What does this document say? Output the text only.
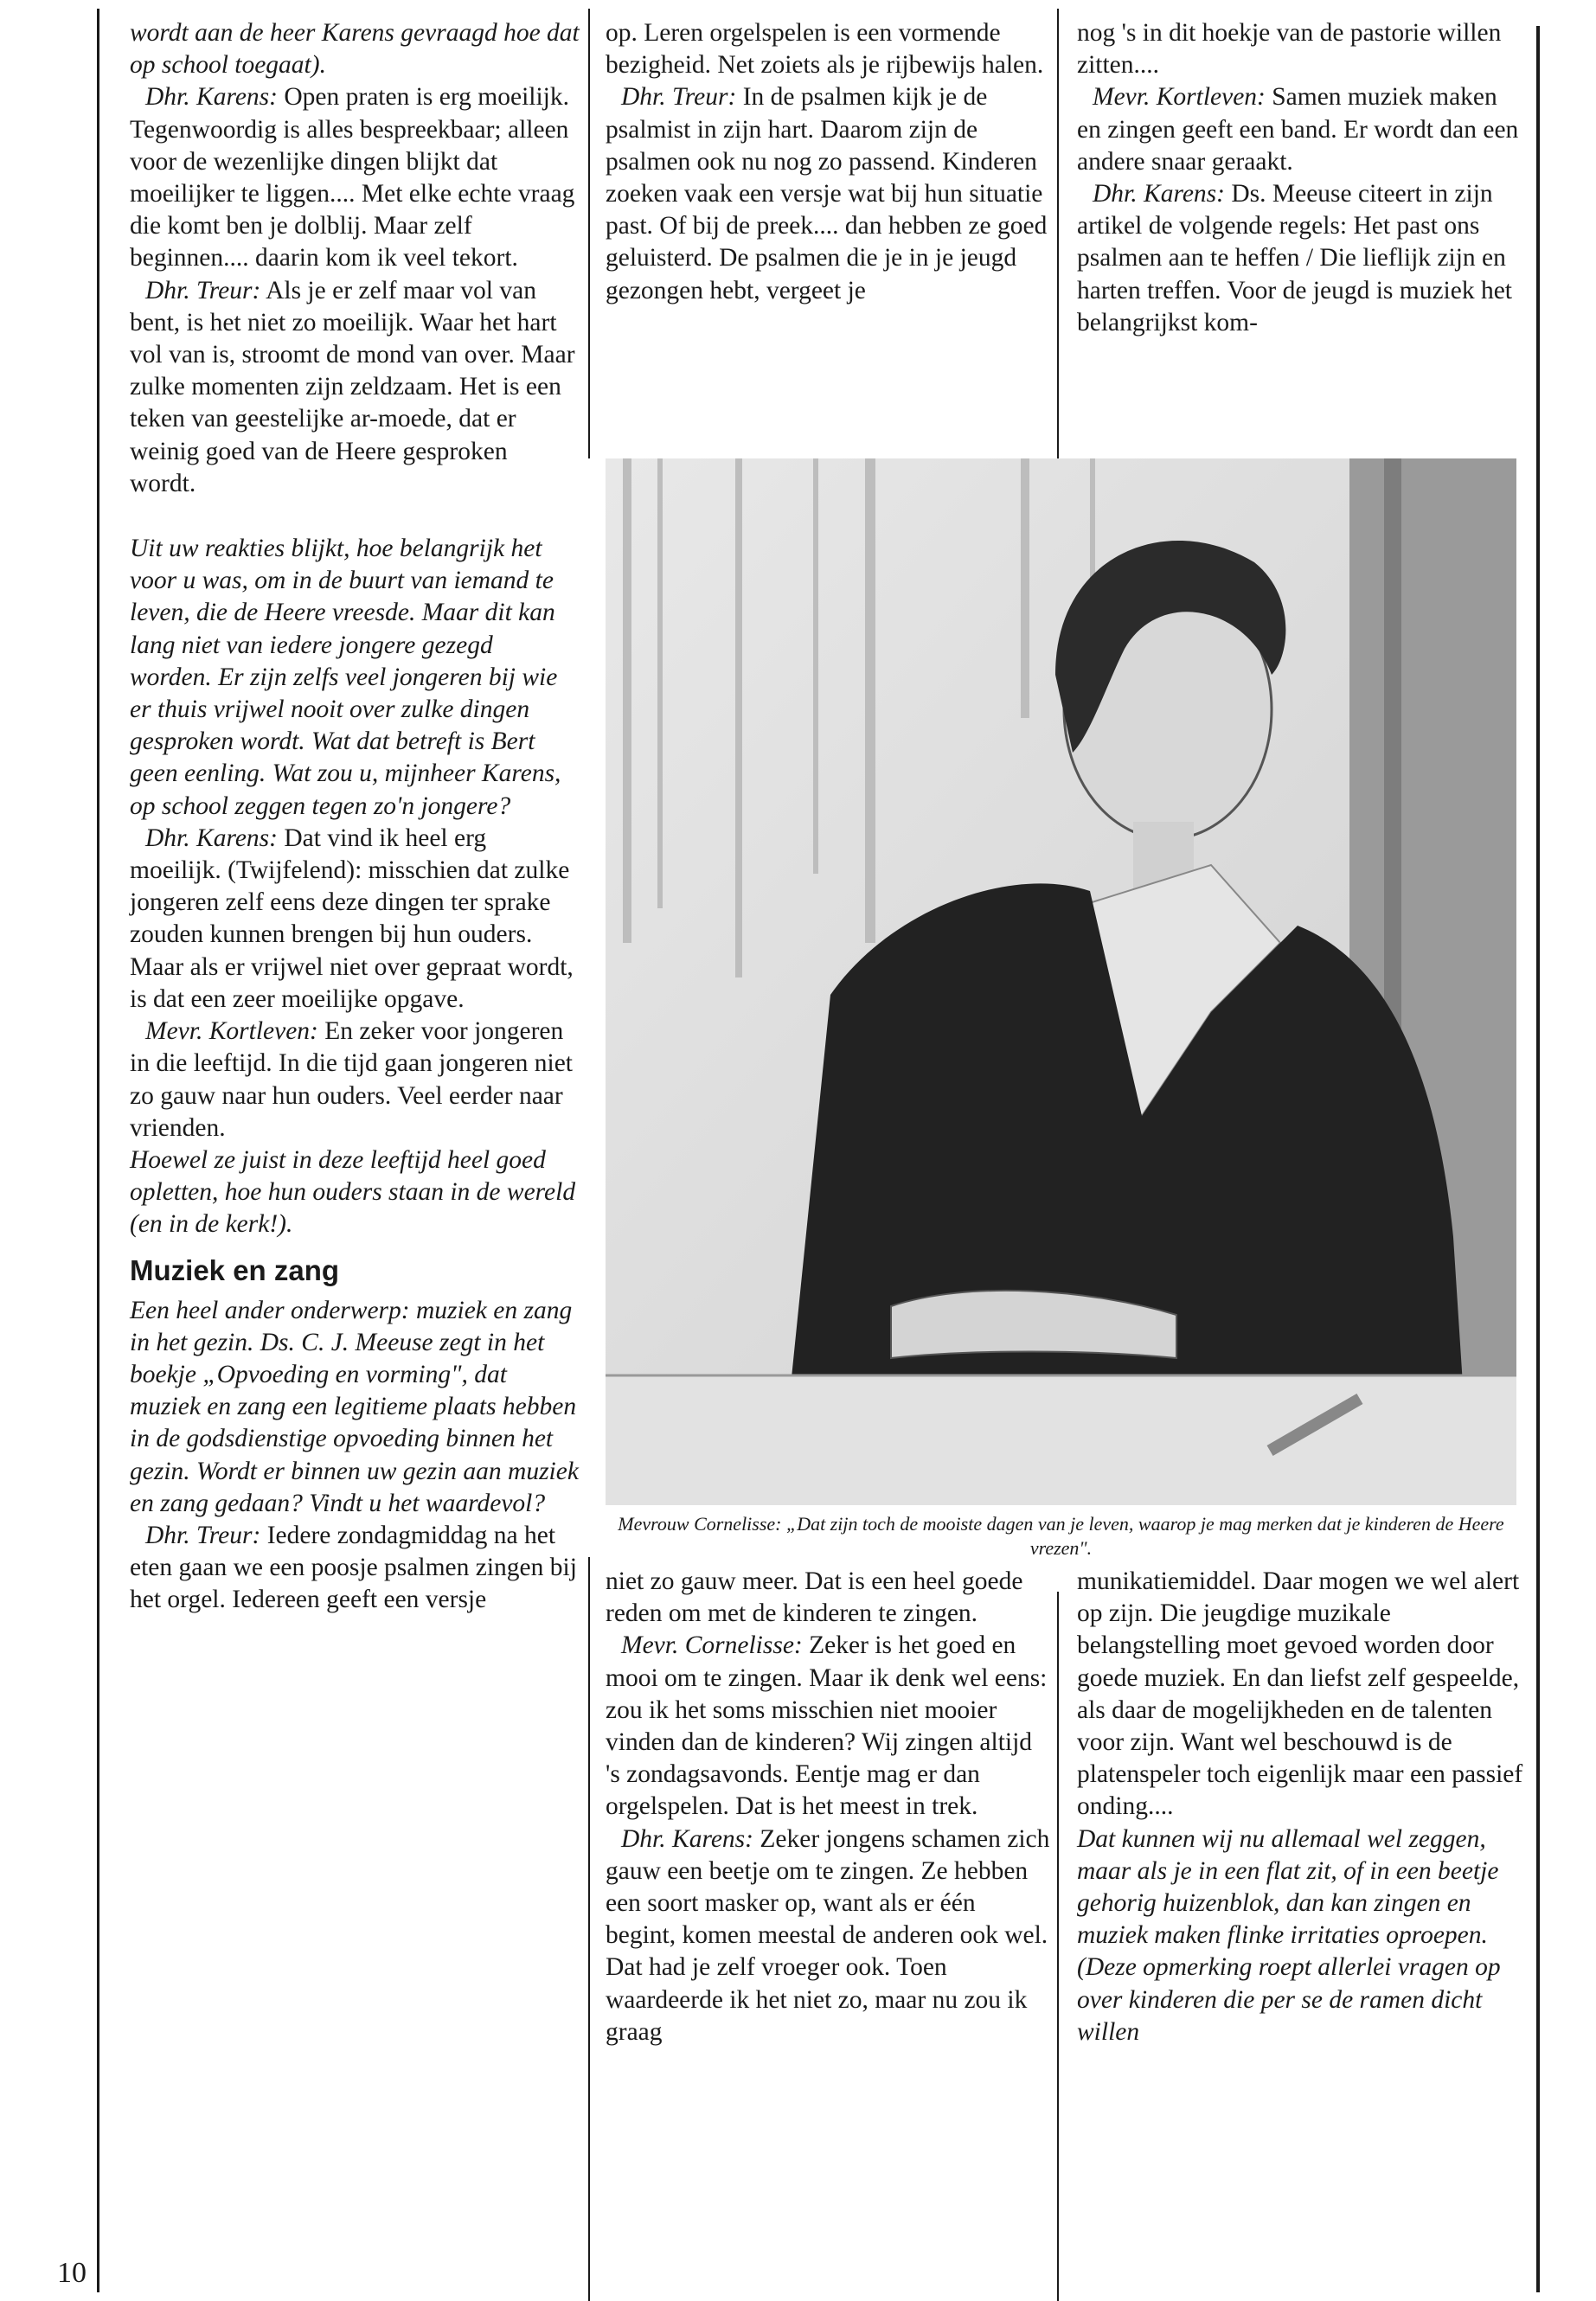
10

wordt aan de heer Karens gevraagd hoe dat op school toegaat).

Dhr. Karens: Open praten is erg moeilijk. Tegenwoordig is alles bespreekbaar; alleen voor de wezenlijke dingen blijkt dat moeilijker te liggen.... Met elke echte vraag die komt ben je dolblij. Maar zelf beginnen.... daarin kom ik veel tekort.

Dhr. Treur: Als je er zelf maar vol van bent, is het niet zo moeilijk. Waar het hart vol van is, stroomt de mond van over. Maar zulke momenten zijn zeldzaam. Het is een teken van geestelijke ar-moede, dat er weinig goed van de Heere gesproken wordt.

Uit uw reakties blijkt, hoe belangrijk het voor u was, om in de buurt van iemand te leven, die de Heere vreesde. Maar dit kan lang niet van iedere jongere gezegd worden. Er zijn zelfs veel jongeren bij wie er thuis vrijwel nooit over zulke dingen gesproken wordt. Wat dat betreft is Bert geen eenling. Wat zou u, mijnheer Karens, op school zeggen tegen zo'n jongere?

Dhr. Karens: Dat vind ik heel erg moeilijk. (Twijfelend): misschien dat zulke jongeren zelf eens deze dingen ter sprake zouden kunnen brengen bij hun ouders. Maar als er vrijwel niet over gepraat wordt, is dat een zeer moeilijke opgave.

Mevr. Kortleven: En zeker voor jongeren in die leeftijd. In die tijd gaan jongeren niet zo gauw naar hun ouders. Veel eerder naar vrienden.

Hoewel ze juist in deze leeftijd heel goed opletten, hoe hun ouders staan in de wereld (en in de kerk!).

Muziek en zang

Een heel ander onderwerp: muziek en zang in het gezin. Ds. C. J. Meeuse zegt in het boekje „Opvoeding en vorming", dat muziek en zang een legitieme plaats hebben in de godsdienstige opvoeding binnen het gezin. Wordt er binnen uw gezin aan muziek en zang gedaan? Vindt u het waardevol?

Dhr. Treur: Iedere zondagmiddag na het eten gaan we een poosje psalmen zingen bij het orgel. Iedereen geeft een versje

op. Leren orgelspelen is een vormende bezigheid. Net zoiets als je rijbewijs halen.

Dhr. Treur: In de psalmen kijk je de psalmist in zijn hart. Daarom zijn de psalmen ook nu nog zo passend. Kinderen zoeken vaak een versje wat bij hun situatie past. Of bij de preek.... dan hebben ze goed geluisterd. De psalmen die je in je jeugd gezongen hebt, vergeet je

nog 's in dit hoekje van de pastorie willen zitten....

Mevr. Kortleven: Samen muziek maken en zingen geeft een band. Er wordt dan een andere snaar geraakt.

Dhr. Karens: Ds. Meeuse citeert in zijn artikel de volgende regels: Het past ons psalmen aan te heffen / Die lieflijk zijn en harten treffen. Voor de jeugd is muziek het belangrijkst kom-

Mevrouw Cornelisse: „Dat zijn toch de mooiste dagen van je leven, waarop je mag merken dat je kinderen de Heere vrezen".

niet zo gauw meer. Dat is een heel goede reden om met de kinderen te zingen.

Mevr. Cornelisse: Zeker is het goed en mooi om te zingen. Maar ik denk wel eens: zou ik het soms misschien niet mooier vinden dan de kinderen? Wij zingen altijd 's zondagsavonds. Eentje mag er dan orgelspelen. Dat is het meest in trek.

Dhr. Karens: Zeker jongens schamen zich gauw een beetje om te zingen. Ze hebben een soort masker op, want als er één begint, komen meestal de anderen ook wel. Dat had je zelf vroeger ook. Toen waardeerde ik het niet zo, maar nu zou ik graag

munikatiemiddel. Daar mogen we wel alert op zijn. Die jeugdige muzikale belangstelling moet gevoed worden door goede muziek. En dan liefst zelf gespeelde, als daar de mogelijkheden en de talenten voor zijn. Want wel beschouwd is de platenspeler toch eigenlijk maar een passief onding....

Dat kunnen wij nu allemaal wel zeggen, maar als je in een flat zit, of in een beetje gehorig huizenblok, dan kan zingen en muziek maken flinke irritaties oproepen. (Deze opmerking roept allerlei vragen op over kinderen die per se de ramen dicht willen
